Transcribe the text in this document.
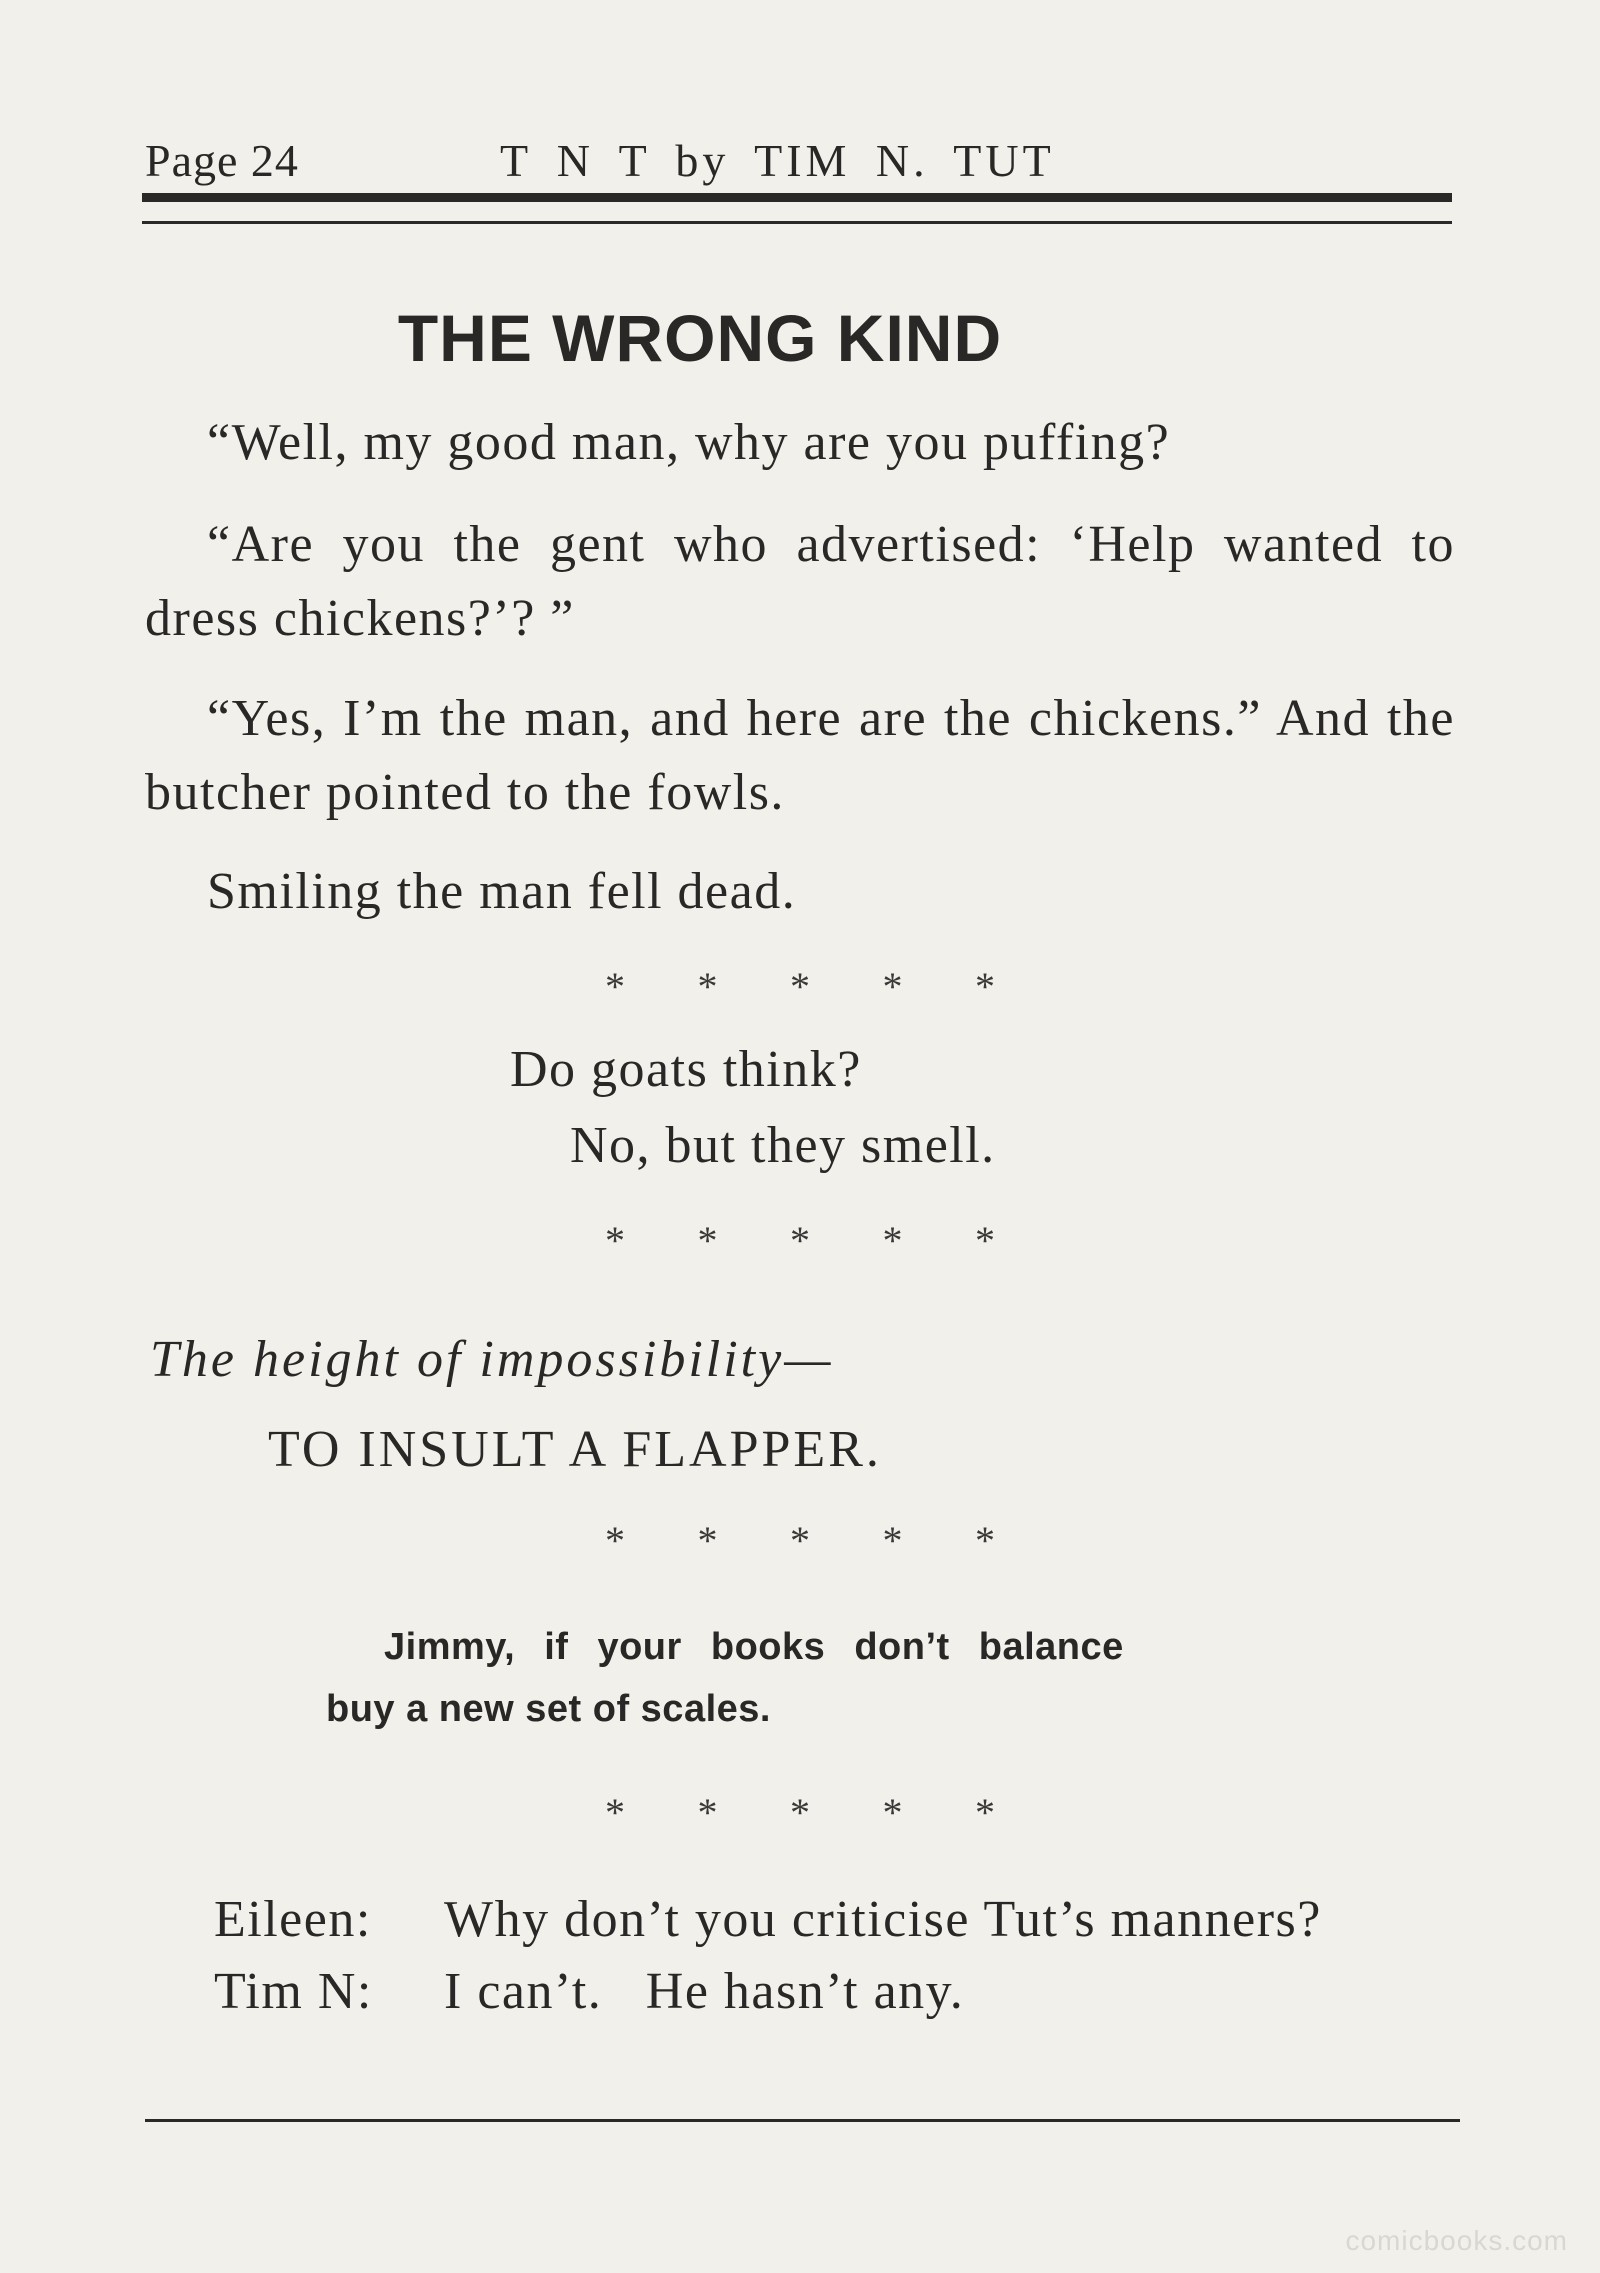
Page 24	T N T by TIM N. TUT
THE WRONG KIND
“Well, my good man, why are you puffing?
“Are you the gent who advertised: ‘Help wanted to dress chickens?’? ”
“Yes, I’m the man, and here are the chickens.” And the butcher pointed to the fowls.
Smiling the man fell dead.
* * * * *
Do goats think?
No, but they smell.
* * * * *
The height of impossibility—
TO INSULT A FLAPPER.
* * * * *
Jimmy, if your books don’t balance
buy a new set of scales.
* * * * *
Eileen: Why don’t you criticise Tut’s manners?
Tim N: I can’t.   He hasn’t any.
comicbooks.com
